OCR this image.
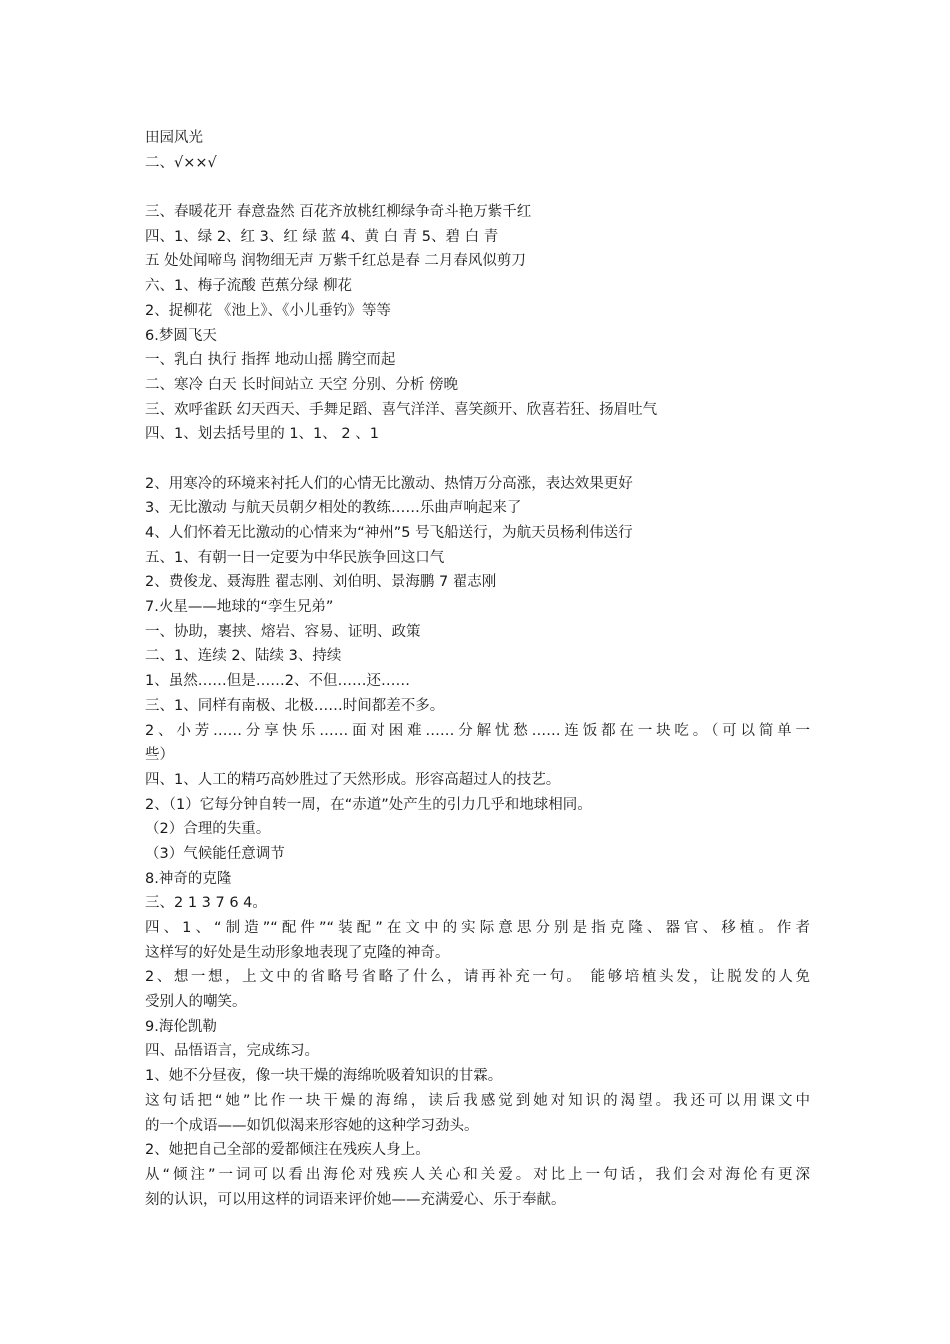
田园风光
二、√××√
三、春暖花开 春意盎然 百花齐放桃红柳绿争奇斗艳万紫千红
四、1、绿 2、红 3、红 绿 蓝 4、黄 白 青 5、碧 白 青
五 处处闻啼鸟 润物细无声 万紫千红总是春 二月春风似剪刀
六、1、梅子流酸 芭蕉分绿 柳花
2、捉柳花 《池上》、《小儿垂钓》等等
6.梦圆飞天
一、乳白 执行 指挥 地动山摇 腾空而起
二、寒冷 白天 长时间站立 天空 分别、分析 傍晚
三、欢呼雀跃 幻天西天、手舞足蹈、喜气洋洋、喜笑颜开、欣喜若狂、扬眉吐气
四、1、划去括号里的 1、1、 2 、1
2、用寒冷的环境来衬托人们的心情无比激动、热情万分高涨，表达效果更好
3、无比激动 与航天员朝夕相处的教练……乐曲声响起来了
4、人们怀着无比激动的心情来为“神州”5 号飞船送行，为航天员杨利伟送行
五、1、有朝一日一定要为中华民族争回这口气
2、费俊龙、聂海胜 翟志刚、刘伯明、景海鹏 7 翟志刚
7.火星——地球的“孪生兄弟”
一、协助，裹挟、熔岩、容易、证明、政策
二、1、连续 2、陆续 3、持续
1、虽然……但是……2、不但……还……
三、1、同样有南极、北极……时间都差不多。
2、小芳……分享快乐……面对困难……分解忧愁……连饭都在一块吃。（可以简单一
些）
四、1、人工的精巧高妙胜过了天然形成。形容高超过人的技艺。
2、（1）它每分钟自转一周，在“赤道”处产生的引力几乎和地球相同。
（2）合理的失重。
（3）气候能任意调节
8.神奇的克隆
三、2 1 3 7 6 4。
四、1、“制造”“配件”“装配”在文中的实际意思分别是指克隆、器官、移植。作者
这样写的好处是生动形象地表现了克隆的神奇。
2、想一想，上文中的省略号省略了什么，请再补充一句。 能够培植头发，让脱发的人免
受别人的嘲笑。
9.海伦凯勒
四、品悟语言，完成练习。
1、她不分昼夜，像一块干燥的海绵吮吸着知识的甘霖。
这句话把“她”比作一块干燥的海绵，读后我感觉到她对知识的渴望。我还可以用课文中
的一个成语——如饥似渴来形容她的这种学习劲头。
2、她把自己全部的爱都倾注在残疾人身上。
从“倾注”一词可以看出海伦对残疾人关心和关爱。对比上一句话，我们会对海伦有更深
刻的认识，可以用这样的词语来评价她——充满爱心、乐于奉献。
